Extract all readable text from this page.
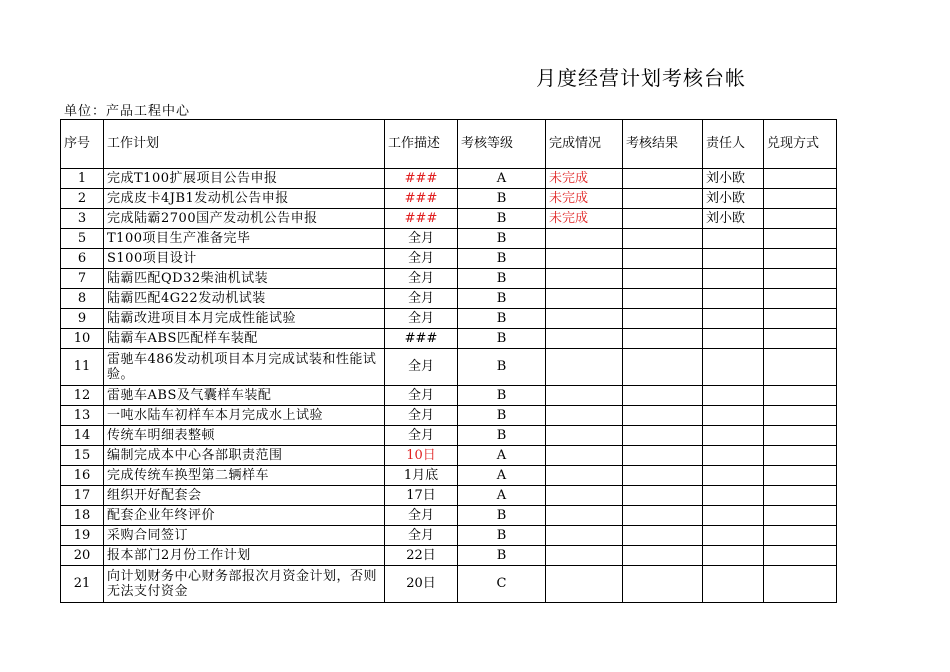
月度经营计划考核台帐
单位：产品工程中心
序号	工作计划	工作描述	考核等级	完成情况	考核结果	责任人	兑现方式
1	完成T100扩展项目公告申报	###	A	未完成		刘小欧	
2	完成皮卡4JB1发动机公告申报	###	B	未完成		刘小欧	
3	完成陆霸2700国产发动机公告申报	###	B	未完成		刘小欧	
5	T100项目生产准备完毕	全月	B				
6	S100项目设计	全月	B				
7	陆霸匹配QD32柴油机试装	全月	B				
8	陆霸匹配4G22发动机试装	全月	B				
9	陆霸改进项目本月完成性能试验	全月	B				
10	陆霸车ABS匹配样车装配	###	B				
11	雷驰车486发动机项目本月完成试装和性能试验。	全月	B				
12	雷驰车ABS及气囊样车装配	全月	B				
13	一吨水陆车初样车本月完成水上试验	全月	B				
14	传统车明细表整顿	全月	B				
15	编制完成本中心各部职责范围	10日	A				
16	完成传统车换型第二辆样车	1月底	A				
17	组织开好配套会	17日	A				
18	配套企业年终评价	全月	B				
19	采购合同签订	全月	B				
20	报本部门2月份工作计划	22日	B				
21	向计划财务中心财务部报次月资金计划，否则无法支付资金	20日	C				
